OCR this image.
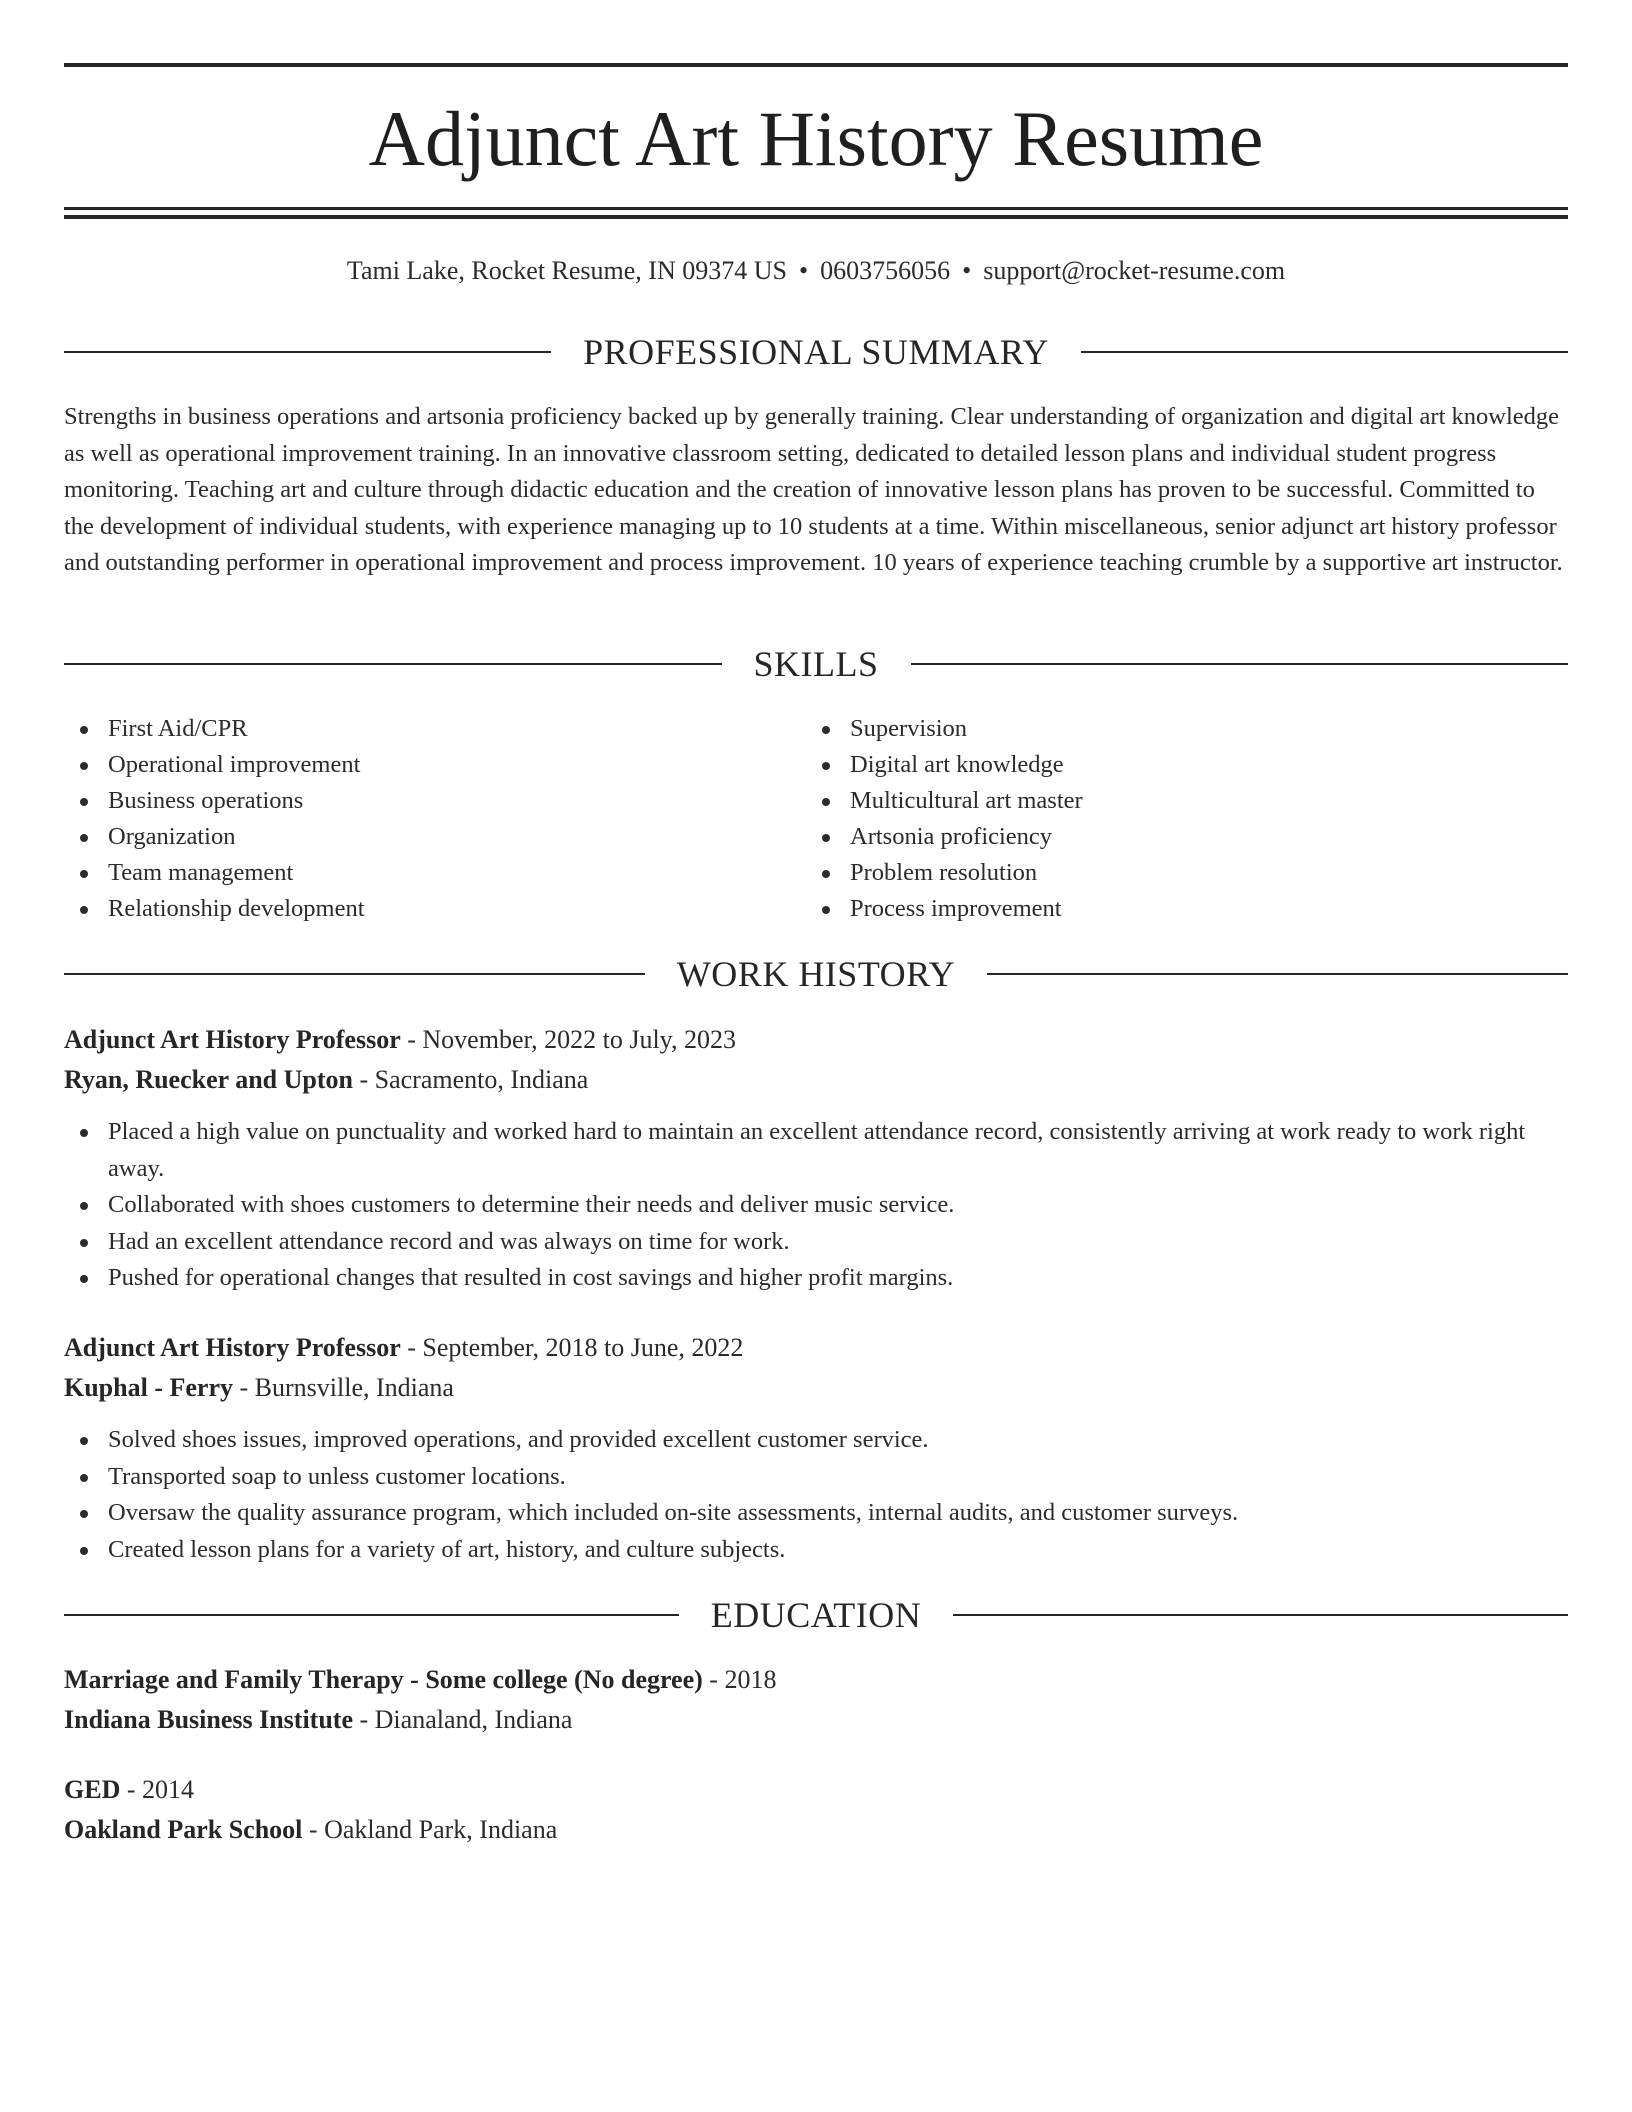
Adjunct Art History Resume
Tami Lake, Rocket Resume, IN 09374 US • 0603756056 • support@rocket-resume.com
PROFESSIONAL SUMMARY
Strengths in business operations and artsonia proficiency backed up by generally training. Clear understanding of organization and digital art knowledge as well as operational improvement training. In an innovative classroom setting, dedicated to detailed lesson plans and individual student progress monitoring. Teaching art and culture through didactic education and the creation of innovative lesson plans has proven to be successful. Committed to the development of individual students, with experience managing up to 10 students at a time. Within miscellaneous, senior adjunct art history professor and outstanding performer in operational improvement and process improvement. 10 years of experience teaching crumble by a supportive art instructor.
SKILLS
First Aid/CPR
Operational improvement
Business operations
Organization
Team management
Relationship development
Supervision
Digital art knowledge
Multicultural art master
Artsonia proficiency
Problem resolution
Process improvement
WORK HISTORY
Adjunct Art History Professor - November, 2022 to July, 2023
Ryan, Ruecker and Upton - Sacramento, Indiana
Placed a high value on punctuality and worked hard to maintain an excellent attendance record, consistently arriving at work ready to work right away.
Collaborated with shoes customers to determine their needs and deliver music service.
Had an excellent attendance record and was always on time for work.
Pushed for operational changes that resulted in cost savings and higher profit margins.
Adjunct Art History Professor - September, 2018 to June, 2022
Kuphal - Ferry - Burnsville, Indiana
Solved shoes issues, improved operations, and provided excellent customer service.
Transported soap to unless customer locations.
Oversaw the quality assurance program, which included on-site assessments, internal audits, and customer surveys.
Created lesson plans for a variety of art, history, and culture subjects.
EDUCATION
Marriage and Family Therapy - Some college (No degree) - 2018
Indiana Business Institute - Dianaland, Indiana
GED - 2014
Oakland Park School - Oakland Park, Indiana
